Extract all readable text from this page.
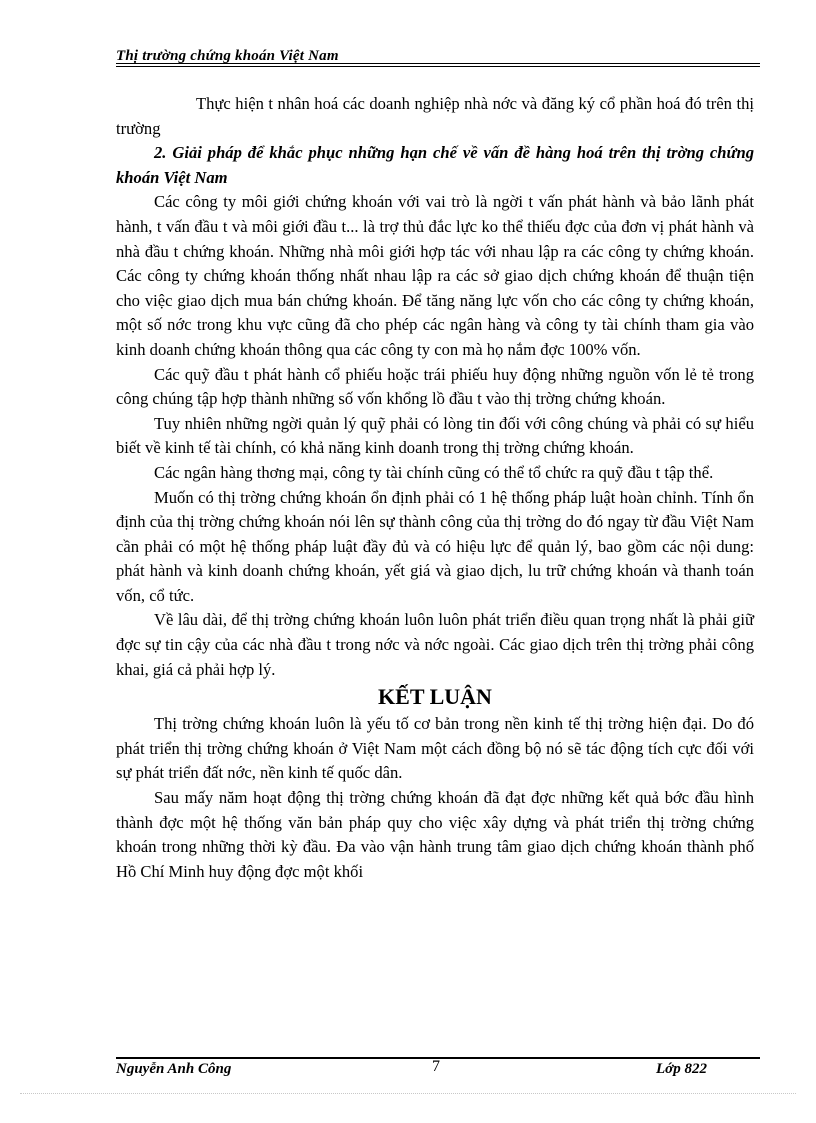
Thị trường chứng khoán Việt Nam

Thực hiện t nhân hoá các doanh nghiệp nhà nớc và đăng ký cổ phần hoá đó trên thị trường

2. Giải pháp để khắc phục những hạn chế về vấn đề hàng hoá trên thị trờng chứng khoán Việt Nam

Các công ty môi giới chứng khoán với vai trò là ngời t vấn phát hành và bảo lãnh phát hành, t vấn đầu t và môi giới đầu t... là trợ thủ đắc lực ko thể thiếu đợc của đơn vị phát hành và nhà đầu t chứng khoán. Những nhà môi giới hợp tác với nhau lập ra các công ty chứng khoán. Các công ty chứng khoán thống nhất nhau lập ra các sở giao dịch chứng khoán để thuận tiện cho việc giao dịch mua bán chứng khoán. Để tăng năng lực vốn cho các công ty chứng khoán, một số nớc trong khu vực cũng đã cho phép các ngân hàng và công ty tài chính tham gia vào kinh doanh chứng khoán thông qua các công ty con mà họ nắm đợc 100% vốn.

Các quỹ đầu t phát hành cổ phiếu hoặc trái phiếu huy động những nguồn vốn lẻ tẻ trong công chúng tập hợp thành những số vốn khổng lồ đầu t vào thị trờng chứng khoán.

Tuy nhiên những ngời quản lý quỹ phải có lòng tin đối với công chúng và phải có sự hiểu biết về kinh tế tài chính, có khả năng kinh doanh trong thị trờng chứng khoán.

Các ngân hàng thơng mại, công ty tài chính cũng có thể tổ chức ra quỹ đầu t tập thể.

Muốn có thị trờng chứng khoán ổn định phải có 1 hệ thống pháp luật hoàn chỉnh. Tính ổn định của thị trờng chứng khoán nói lên sự thành công của thị trờng do đó ngay từ đầu Việt Nam cần phải có một hệ thống pháp luật đầy đủ và có hiệu lực để quản lý, bao gồm các nội dung: phát hành và kinh doanh chứng khoán, yết giá và giao dịch, lu trữ chứng khoán và thanh toán vốn, cổ tức.

Về lâu dài, để thị trờng chứng khoán luôn luôn phát triển điều quan trọng nhất là phải giữ đợc sự tin cậy của các nhà đầu t trong nớc và nớc ngoài. Các giao dịch trên thị trờng phải công khai, giá cả phải hợp lý.

KẾT LUẬN

Thị trờng chứng khoán luôn là yếu tố cơ bản trong nền kinh tế thị trờng hiện đại. Do đó phát triển thị trờng chứng khoán ở Việt Nam một cách đồng bộ nó sẽ tác động tích cực đối với sự phát triển đất nớc, nền kinh tế quốc dân.

Sau mấy năm hoạt động thị trờng chứng khoán đã đạt đợc những kết quả bớc đầu hình thành đợc một hệ thống văn bản pháp quy cho việc xây dựng và phát triển thị trờng chứng khoán trong những thời kỳ đầu. Đa vào vận hành trung tâm giao dịch chứng khoán thành phố Hồ Chí Minh huy động đợc một khối

Nguyễn Anh Công	7	Lớp 822
